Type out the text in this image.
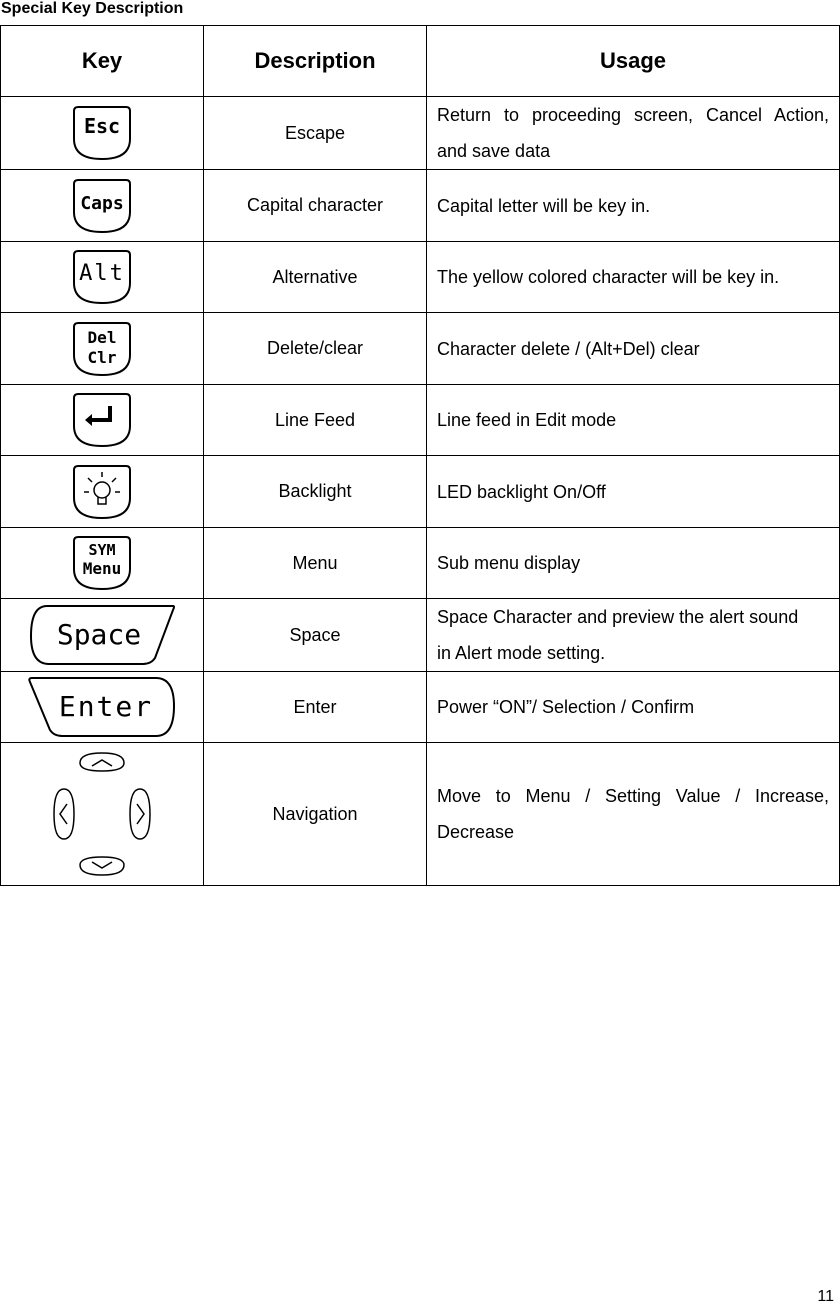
Special Key Description
Key	Description	Usage

Esc	Escape	Return to proceeding screen, Cancel Action,
and save data

Caps	Capital character	Capital letter will be key in.

Alt	Alternative	The yellow colored character will be key in.

Del
Clr	Delete/clear	Character delete / (Alt+Del) clear

	Line Feed	Line feed in Edit mode

	Backlight	LED backlight On/Off

SYM
Menu	Menu	Sub menu display

Space	Space	Space Character and preview the alert sound
in Alert mode setting.

Enter	Enter	Power “ON”/ Selection / Confirm

	Navigation	Move to Menu / Setting Value / Increase,
Decrease
11
